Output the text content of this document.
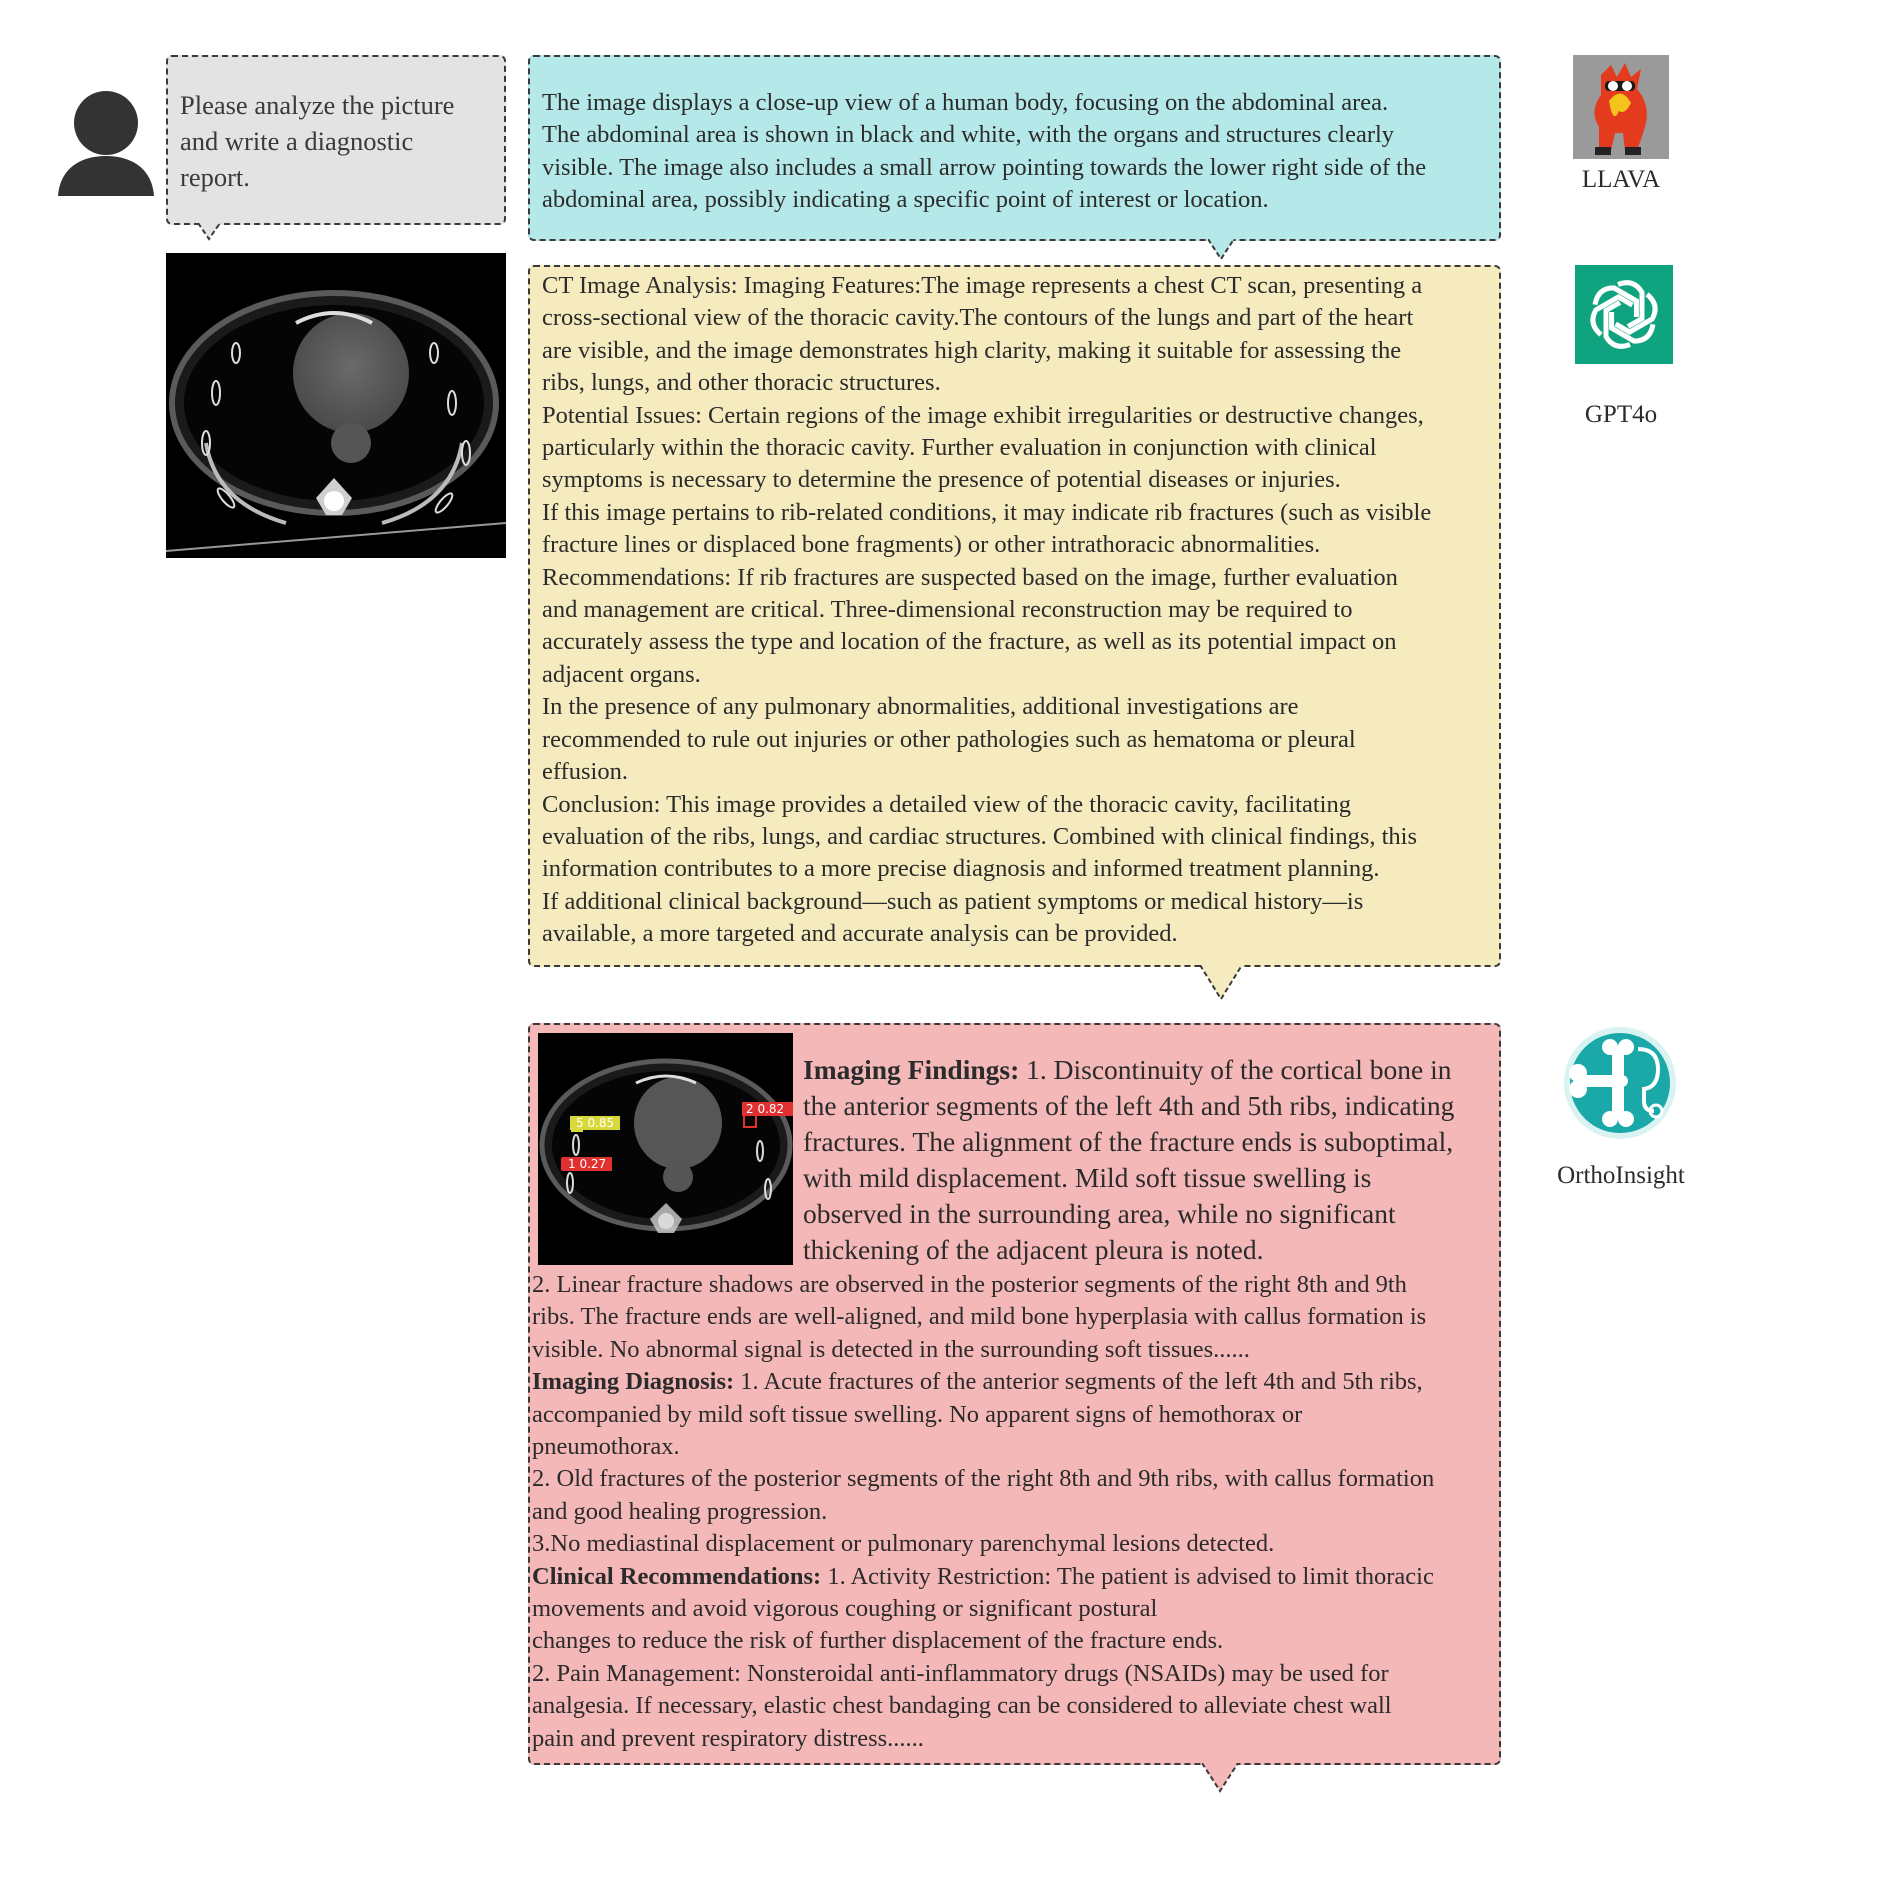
Please analyze the picture
and write a diagnostic
report.
The image displays a close-up view of a human body, focusing on the abdominal area.
The abdominal area is shown in black and white, with the organs and structures clearly
visible. The image also includes a small arrow pointing towards the lower right side of the
abdominal area, possibly indicating a specific point of interest or location.
LLAVA
CT Image Analysis: Imaging Features:The image represents a chest CT scan, presenting a
cross-sectional view of the thoracic cavity.The contours of the lungs and part of the heart
are visible, and the image demonstrates high clarity, making it suitable for assessing the
ribs, lungs, and other thoracic structures.
Potential Issues: Certain regions of the image exhibit irregularities or destructive changes,
particularly within the thoracic cavity. Further evaluation in conjunction with clinical
symptoms is necessary to determine the presence of potential diseases or injuries.
If this image pertains to rib-related conditions, it may indicate rib fractures (such as visible
fracture lines or displaced bone fragments) or other intrathoracic abnormalities.
Recommendations: If rib fractures are suspected based on the image, further evaluation
and management are critical. Three-dimensional reconstruction may be required to
accurately assess the type and location of the fracture, as well as its potential impact on
adjacent organs.
In the presence of any pulmonary abnormalities, additional investigations are
recommended to rule out injuries or other pathologies such as hematoma or pleural
effusion.
Conclusion: This image provides a detailed view of the thoracic cavity, facilitating
evaluation of the ribs, lungs, and cardiac structures. Combined with clinical findings, this
information contributes to a more precise diagnosis and informed treatment planning.
If additional clinical background—such as patient symptoms or medical history—is
available, a more targeted and accurate analysis can be provided.
GPT4o
5 0.85
1 0.27
2 0.82
Imaging Findings: 1. Discontinuity of the cortical bone in
the anterior segments of the left 4th and 5th ribs, indicating
fractures. The alignment of the fracture ends is suboptimal,
with mild displacement. Mild soft tissue swelling is
observed in the surrounding area, while no significant
thickening of the adjacent pleura is noted.
2. Linear fracture shadows are observed in the posterior segments of the right 8th and 9th
ribs. The fracture ends are well-aligned, and mild bone hyperplasia with callus formation is
visible. No abnormal signal is detected in the surrounding soft tissues......
Imaging Diagnosis: 1. Acute fractures of the anterior segments of the left 4th and 5th ribs,
accompanied by mild soft tissue swelling. No apparent signs of hemothorax or
pneumothorax.
2. Old fractures of the posterior segments of the right 8th and 9th ribs, with callus formation
and good healing progression.
3.No mediastinal displacement or pulmonary parenchymal lesions detected.
Clinical Recommendations: 1. Activity Restriction: The patient is advised to limit thoracic
movements and avoid vigorous coughing or significant postural
changes to reduce the risk of further displacement of the fracture ends.
2. Pain Management: Nonsteroidal anti-inflammatory drugs (NSAIDs) may be used for
analgesia. If necessary, elastic chest bandaging can be considered to alleviate chest wall
pain and prevent respiratory distress......
OrthoInsight
